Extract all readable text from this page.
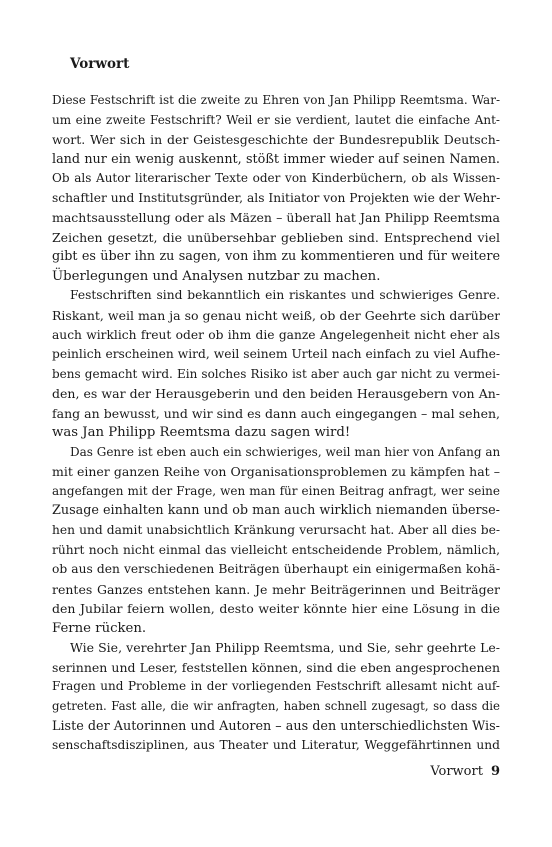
Vorwort
Diese Festschrift ist die zweite zu Ehren von Jan Philipp Reemtsma. War-
um eine zweite Festschrift? Weil er sie verdient, lautet die einfache Ant-
wort. Wer sich in der Geistesgeschichte der Bundesrepublik Deutsch-
land nur ein wenig auskennt, stößt immer wieder auf seinen Namen.
Ob als Autor literarischer Texte oder von Kinderbüchern, ob als Wissen-
schaftler und Institutsgründer, als Initiator von Projekten wie der Wehr-
machtsausstellung oder als Mäzen – überall hat Jan Philipp Reemtsma
Zeichen gesetzt, die unübersehbar geblieben sind. Entsprechend viel
gibt es über ihn zu sagen, von ihm zu kommentieren und für weitere
Überlegungen und Analysen nutzbar zu machen.
Festschriften sind bekanntlich ein riskantes und schwieriges Genre.
Riskant, weil man ja so genau nicht weiß, ob der Geehrte sich darüber
auch wirklich freut oder ob ihm die ganze Angelegenheit nicht eher als
peinlich erscheinen wird, weil seinem Urteil nach einfach zu viel Aufhe-
bens gemacht wird. Ein solches Risiko ist aber auch gar nicht zu vermei-
den, es war der Herausgeberin und den beiden Herausgebern von An-
fang an bewusst, und wir sind es dann auch eingegangen – mal sehen,
was Jan Philipp Reemtsma dazu sagen wird!
Das Genre ist eben auch ein schwieriges, weil man hier von Anfang an
mit einer ganzen Reihe von Organisationsproblemen zu kämpfen hat –
angefangen mit der Frage, wen man für einen Beitrag anfragt, wer seine
Zusage einhalten kann und ob man auch wirklich niemanden überse-
hen und damit unabsichtlich Kränkung verursacht hat. Aber all dies be-
rührt noch nicht einmal das vielleicht entscheidende Problem, nämlich,
ob aus den verschiedenen Beiträgen überhaupt ein einigermaßen kohä-
rentes Ganzes entstehen kann. Je mehr Beiträgerinnen und Beiträger
den Jubilar feiern wollen, desto weiter könnte hier eine Lösung in die
Ferne rücken.
Wie Sie, verehrter Jan Philipp Reemtsma, und Sie, sehr geehrte Le-
serinnen und Leser, feststellen können, sind die eben angesprochenen
Fragen und Probleme in der vorliegenden Festschrift allesamt nicht auf-
getreten. Fast alle, die wir anfragten, haben schnell zugesagt, so dass die
Liste der Autorinnen und Autoren – aus den unterschiedlichsten Wis-
senschaftsdisziplinen, aus Theater und Literatur, Weggefährtinnen und
Vorwort 9
